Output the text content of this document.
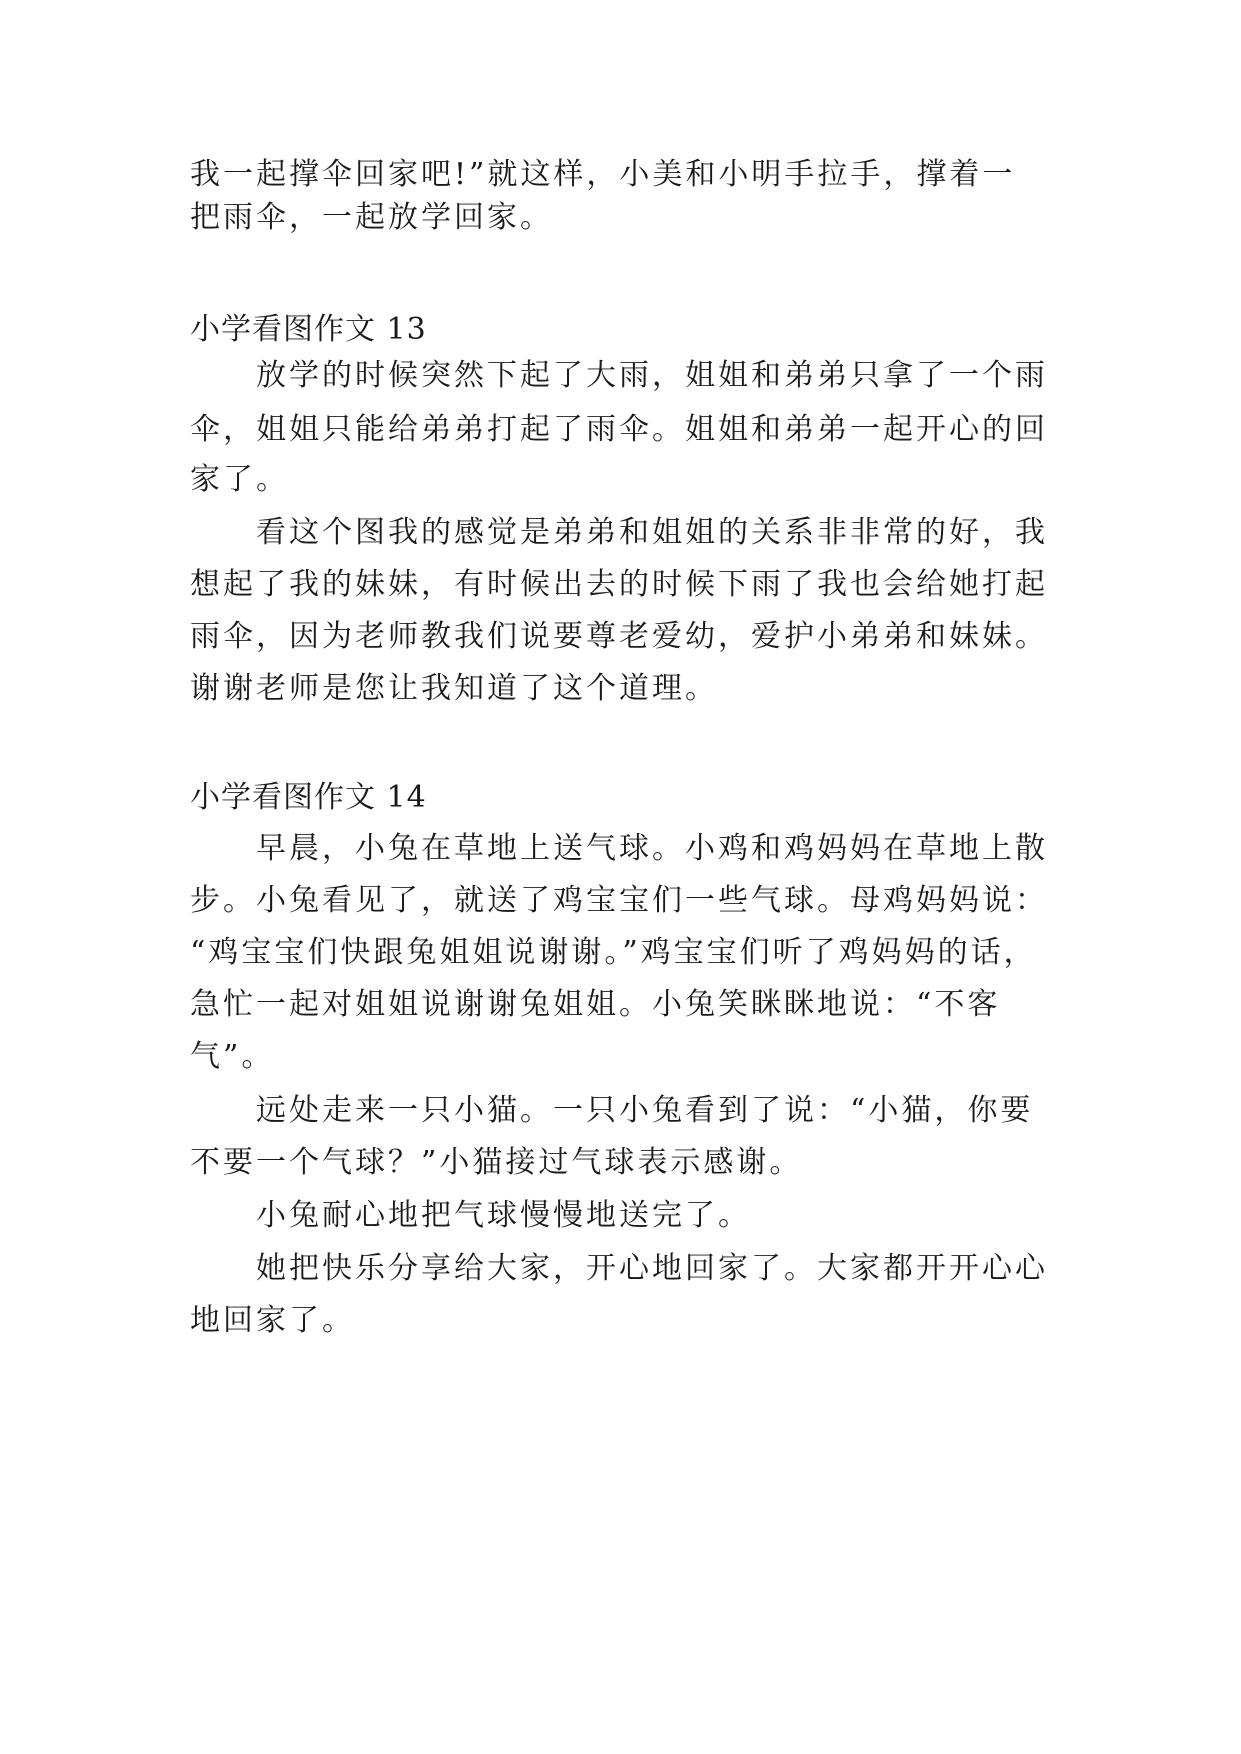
我一起撑伞回家吧!”就这样，小美和小明手拉手，撑着一
把雨伞，一起放学回家。
小学看图作文 13
放学的时候突然下起了大雨，姐姐和弟弟只拿了一个雨
伞，姐姐只能给弟弟打起了雨伞。姐姐和弟弟一起开心的回
家了。
看这个图我的感觉是弟弟和姐姐的关系非非常的好，我
想起了我的妹妹，有时候出去的时候下雨了我也会给她打起
雨伞，因为老师教我们说要尊老爱幼，爱护小弟弟和妹妹。
谢谢老师是您让我知道了这个道理。
小学看图作文 14
早晨，小兔在草地上送气球。小鸡和鸡妈妈在草地上散
步。小兔看见了，就送了鸡宝宝们一些气球。母鸡妈妈说：
“鸡宝宝们快跟兔姐姐说谢谢。”鸡宝宝们听了鸡妈妈的话，
急忙一起对姐姐说谢谢兔姐姐。小兔笑眯眯地说：“不客
气”。
远处走来一只小猫。一只小兔看到了说：“小猫，你要
不要一个气球？”小猫接过气球表示感谢。
小兔耐心地把气球慢慢地送完了。
她把快乐分享给大家，开心地回家了。大家都开开心心
地回家了。
